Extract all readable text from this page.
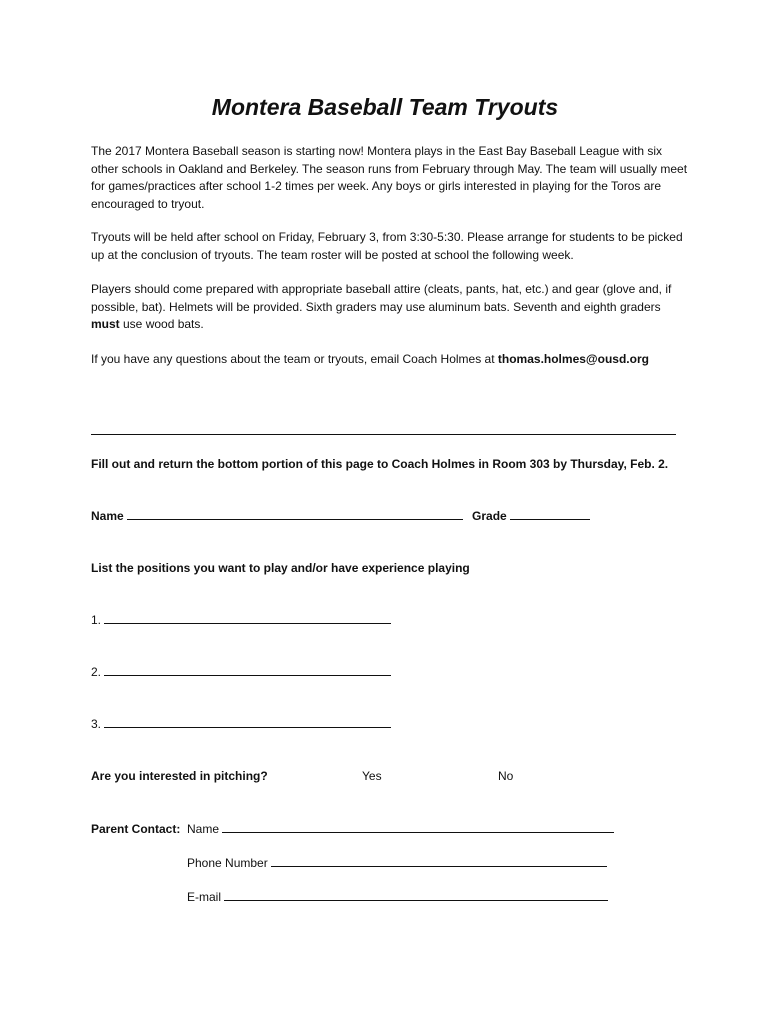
Montera Baseball Team Tryouts

The 2017 Montera Baseball season is starting now! Montera plays in the East Bay Baseball League with six other schools in Oakland and Berkeley. The season runs from February through May. The team will usually meet for games/practices after school 1-2 times per week. Any boys or girls interested in playing for the Toros are encouraged to tryout.

Tryouts will be held after school on Friday, February 3, from 3:30-5:30. Please arrange for students to be picked up at the conclusion of tryouts. The team roster will be posted at school the following week.

Players should come prepared with appropriate baseball attire (cleats, pants, hat, etc.) and gear (glove and, if possible, bat). Helmets will be provided. Sixth graders may use aluminum bats. Seventh and eighth graders must use wood bats.

If you have any questions about the team or tryouts, email Coach Holmes at thomas.holmes@ousd.org

Fill out and return the bottom portion of this page to Coach Holmes in Room 303 by Thursday, Feb. 2.
Name	Grade
List the positions you want to play and/or have experience playing
1.
2.
3.
Are you interested in pitching?	Yes	No
Parent Contact: Name
Phone Number
E-mail
